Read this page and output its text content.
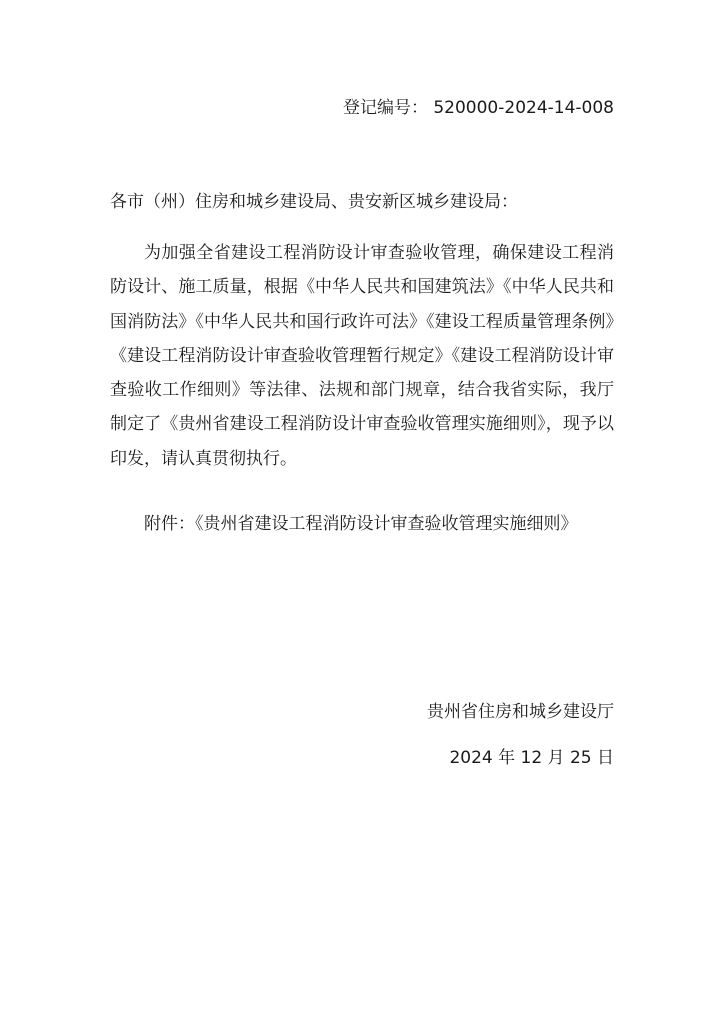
登记编号： 520000-2024-14-008
各市（州）住房和城乡建设局、贵安新区城乡建设局：

为加强全省建设工程消防设计审查验收管理，确保建设工程消防设计、施工质量，根据《中华人民共和国建筑法》《中华人民共和国消防法》《中华人民共和国行政许可法》《建设工程质量管理条例》《建设工程消防设计审查验收管理暂行规定》《建设工程消防设计审查验收工作细则》等法律、法规和部门规章，结合我省实际，我厅制定了《贵州省建设工程消防设计审查验收管理实施细则》，现予以印发，请认真贯彻执行。

附件：《贵州省建设工程消防设计审查验收管理实施细则》
贵州省住房和城乡建设厅
2024 年 12 月 25 日
